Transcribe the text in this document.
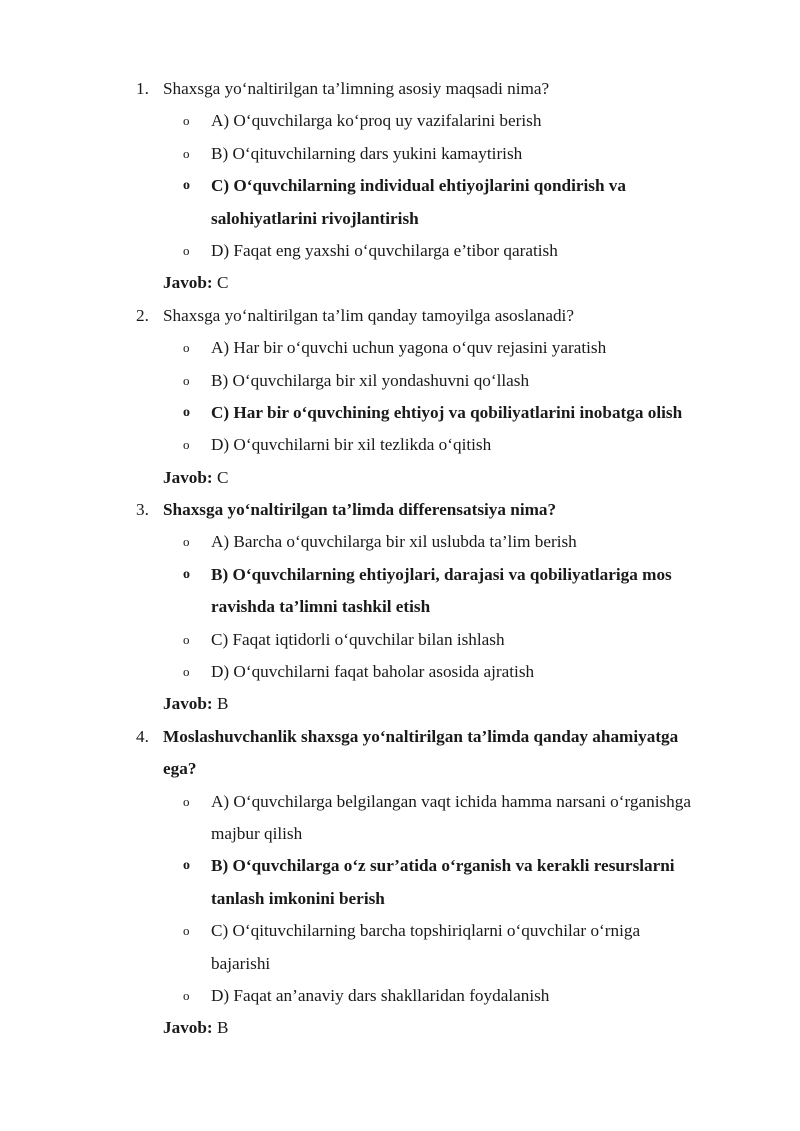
1. Shaxsga yo‘naltirilgan ta’limning asosiy maqsadi nima?
o A) O‘quvchilarga ko‘proq uy vazifalarini berish
o B) O‘qituvchilarning dars yukini kamaytirish
o C) O‘quvchilarning individual ehtiyojlarini qondirish va
salohiyatlarini rivojlantirish
o D) Faqat eng yaxshi o‘quvchilarga e’tibor qaratish
Javob: C
2. Shaxsga yo‘naltirilgan ta’lim qanday tamoyilga asoslanadi?
o A) Har bir o‘quvchi uchun yagona o‘quv rejasini yaratish
o B) O‘quvchilarga bir xil yondashuvni qo‘llash
o C) Har bir o‘quvchining ehtiyoj va qobiliyatlarini inobatga olish
o D) O‘quvchilarni bir xil tezlikda o‘qitish
Javob: C
3. Shaxsga yo‘naltirilgan ta’limda differensatsiya nima?
o A) Barcha o‘quvchilarga bir xil uslubda ta’lim berish
o B) O‘quvchilarning ehtiyojlari, darajasi va qobiliyatlariga mos
ravishda ta’limni tashkil etish
o C) Faqat iqtidorli o‘quvchilar bilan ishlash
o D) O‘quvchilarni faqat baholar asosida ajratish
Javob: B
4. Moslashuvchanlik shaxsga yo‘naltirilgan ta’limda qanday ahamiyatga
ega?
o A) O‘quvchilarga belgilangan vaqt ichida hamma narsani o‘rganishga
majbur qilish
o B) O‘quvchilarga o‘z sur’atida o‘rganish va kerakli resurslarni
tanlash imkonini berish
o C) O‘qituvchilarning barcha topshiriqlarni o‘quvchilar o‘rniga
bajarishi
o D) Faqat an’anaviy dars shakllaridan foydalanish
Javob: B
